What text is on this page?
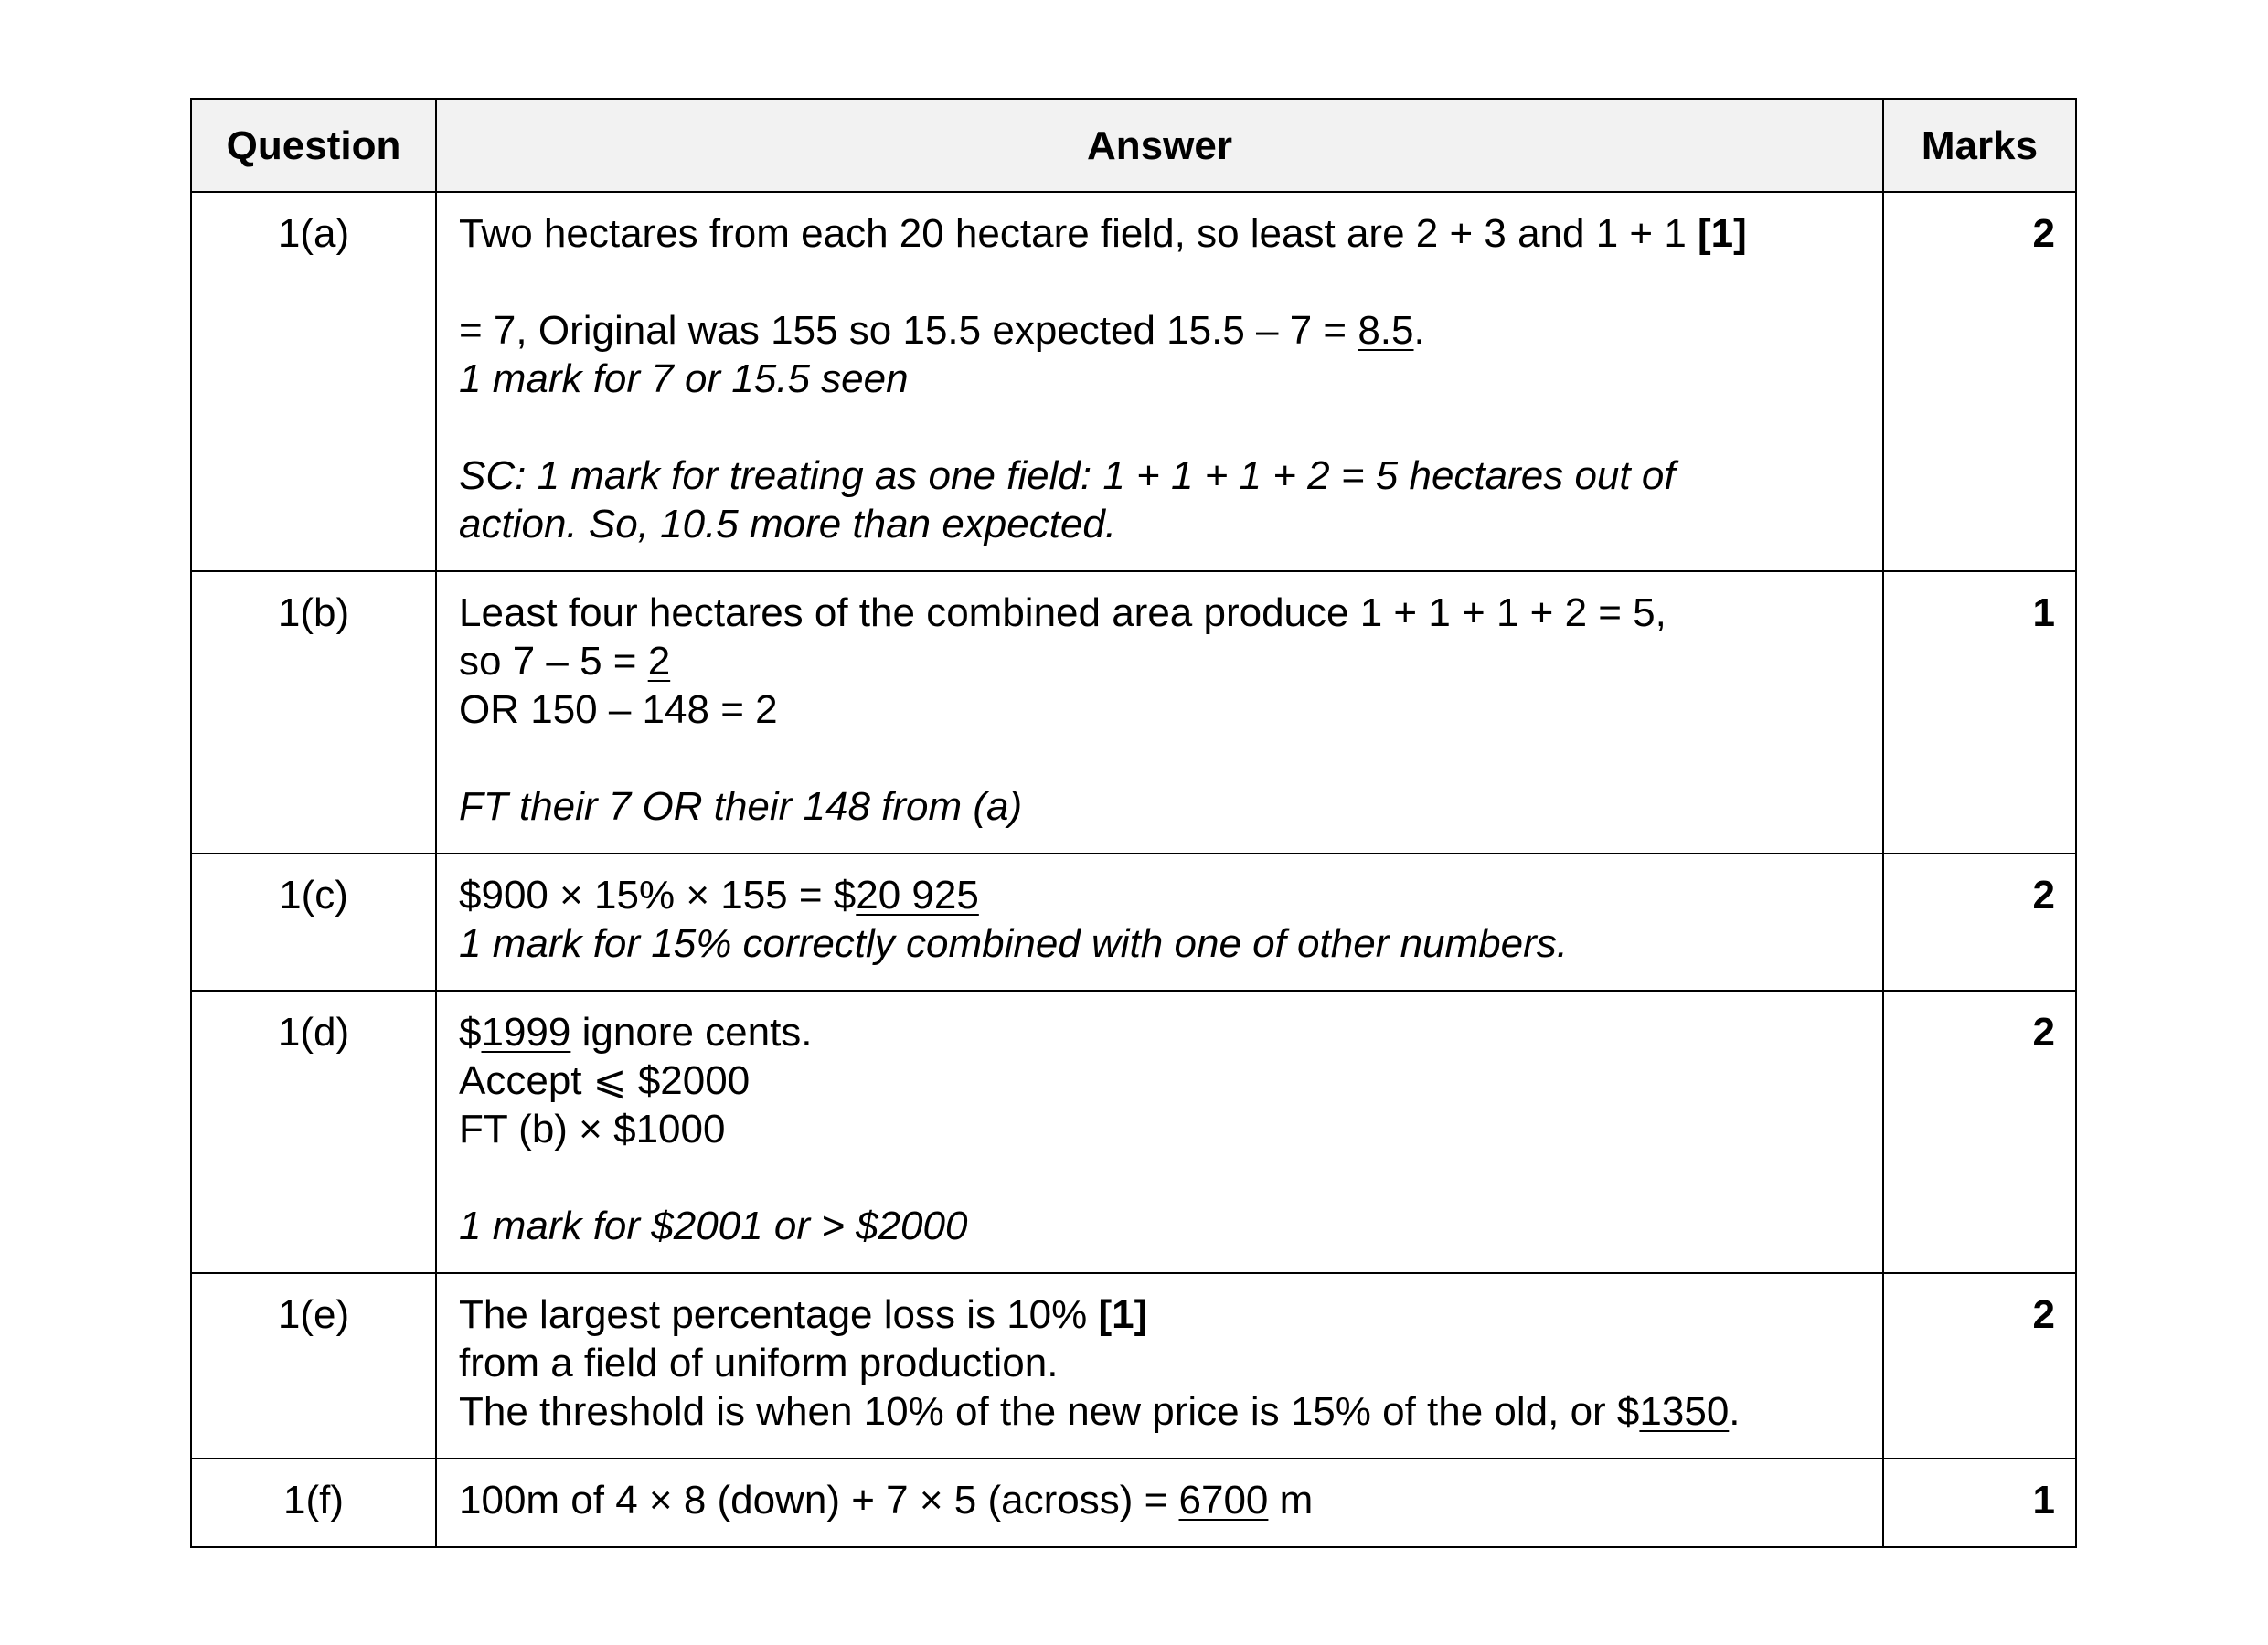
Question	Answer	Marks
1(a)	Two hectares from each 20 hectare field, so least are 2 + 3 and 1 + 1 [1]
= 7, Original was 155 so 15.5 expected 15.5 – 7 = 8.5.
1 mark for 7 or 15.5 seen
SC: 1 mark for treating as one field: 1 + 1 + 1 + 2 = 5 hectares out of
action. So, 10.5 more than expected.	2
1(b)	Least four hectares of the combined area produce 1 + 1 + 1 + 2 = 5,
so 7 – 5 = 2
OR 150 – 148 = 2
FT their 7 OR their 148 from (a)	1
1(c)	$900 × 15% × 155 = $20 925
1 mark for 15% correctly combined with one of other numbers.	2
1(d)	$1999 ignore cents.
Accept ⩽ $2000
FT (b) × $1000
1 mark for $2001 or > $2000	2
1(e)	The largest percentage loss is 10% [1]
from a field of uniform production.
The threshold is when 10% of the new price is 15% of the old, or $1350.	2
1(f)	100m of 4 × 8 (down) + 7 × 5 (across) = 6700 m	1
